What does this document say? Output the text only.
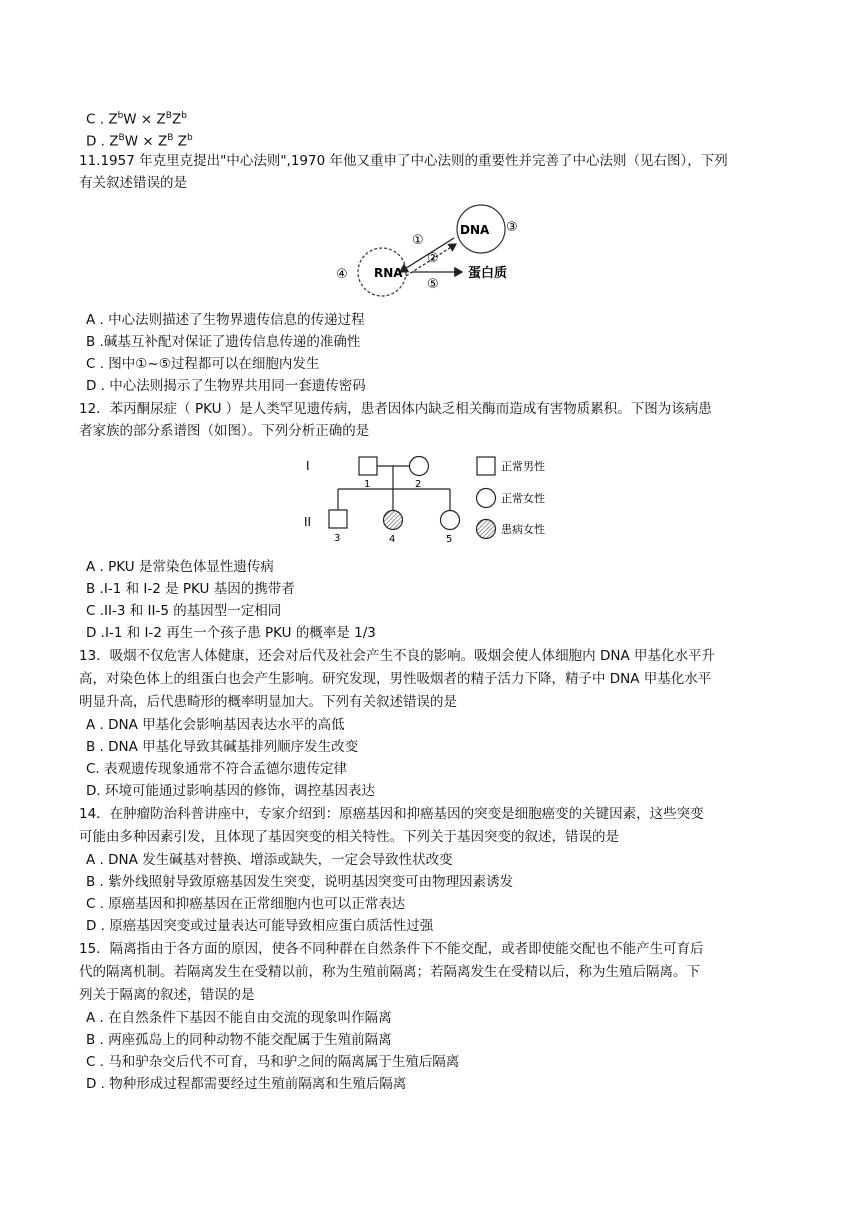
C . $Z^bW \times Z^BZ^b$
D . $Z^BW \times Z^B$ $Z^b$
11.1957 年克里克提出"中心法则",1970 年他又重申了中心法则的重要性并完善了中心法则（见右图），下列
有关叙述错误的是
DNA
RNA	蛋白质
①
②
③
④
⑤
A . 中心法则描述了生物界遗传信息的传递过程
B .碱基互补配对保证了遗传信息传递的准确性
C . 图中①~⑤过程都可以在细胞内发生
D . 中心法则揭示了生物界共用同一套遗传密码
12．苯丙酮尿症（ PKU ）是人类罕见遗传病，患者因体内缺乏相关酶而造成有害物质累积。下图为该病患
者家族的部分系谱图（如图）。下列分析正确的是
I
II
1	2
3	4	5
正常男性
正常女性
患病女性
A . PKU 是常染色体显性遗传病
B .I-1 和 I-2 是 PKU 基因的携带者
C .II-3 和 II-5 的基因型一定相同
D .I-1 和 I-2 再生一个孩子患 PKU 的概率是 1/3
13．吸烟不仅危害人体健康，还会对后代及社会产生不良的影响。吸烟会使人体细胞内 DNA 甲基化水平升
高，对染色体上的组蛋白也会产生影响。研究发现，男性吸烟者的精子活力下降，精子中 DNA 甲基化水平
明显升高，后代患畸形的概率明显加大。下列有关叙述错误的是
A . DNA 甲基化会影响基因表达水平的高低
B . DNA 甲基化导致其碱基排列顺序发生改变
C. 表观遗传现象通常不符合孟德尔遗传定律
D. 环境可能通过影响基因的修饰，调控基因表达
14．在肿瘤防治科普讲座中，专家介绍到：原癌基因和抑癌基因的突变是细胞癌变的关键因素，这些突变
可能由多种因素引发，且体现了基因突变的相关特性。下列关于基因突变的叙述，错误的是
A . DNA 发生碱基对替换、增添或缺失，一定会导致性状改变
B . 紫外线照射导致原癌基因发生突变，说明基因突变可由物理因素诱发
C . 原癌基因和抑癌基因在正常细胞内也可以正常表达
D . 原癌基因突变或过量表达可能导致相应蛋白质活性过强
15．隔离指由于各方面的原因，使各不同种群在自然条件下不能交配，或者即使能交配也不能产生可育后
代的隔离机制。若隔离发生在受精以前，称为生殖前隔离；若隔离发生在受精以后，称为生殖后隔离。下
列关于隔离的叙述，错误的是
A . 在自然条件下基因不能自由交流的现象叫作隔离
B . 两座孤岛上的同种动物不能交配属于生殖前隔离
C . 马和驴杂交后代不可育，马和驴之间的隔离属于生殖后隔离
D . 物种形成过程都需要经过生殖前隔离和生殖后隔离
